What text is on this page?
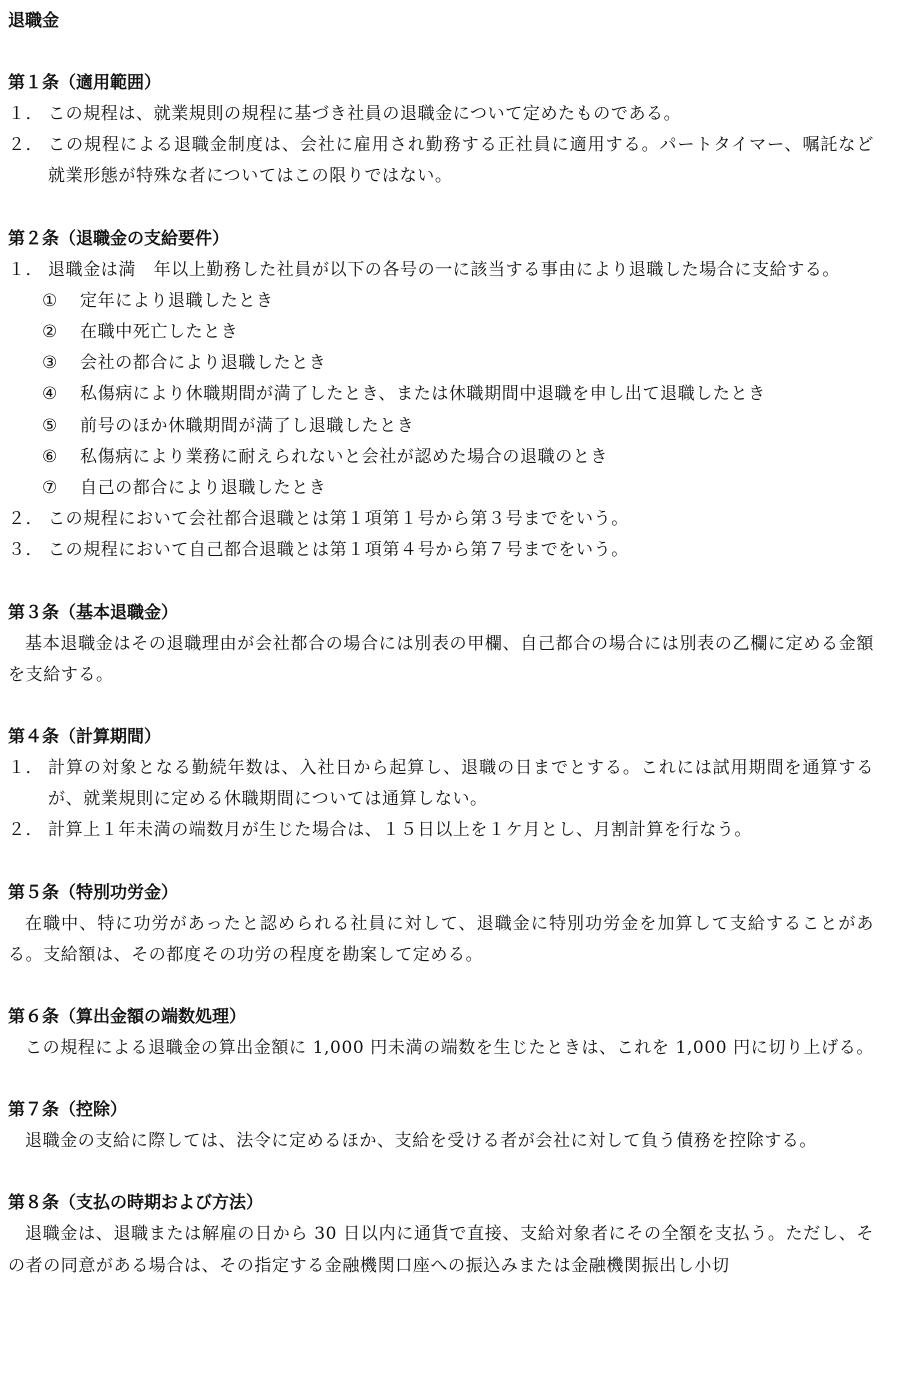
退職金
第１条（適用範囲）
１． この規程は、就業規則の規程に基づき社員の退職金について定めたものである。
２． この規程による退職金制度は、会社に雇用され勤務する正社員に適用する。パートタイマー、嘱託など就業形態が特殊な者についてはこの限りではない。
第２条（退職金の支給要件）
１． 退職金は満　年以上勤務した社員が以下の各号の一に該当する事由により退職した場合に支給する。
①	定年により退職したとき
②	在職中死亡したとき
③	会社の都合により退職したとき
④	私傷病により休職期間が満了したとき、または休職期間中退職を申し出て退職したとき
⑤	前号のほか休職期間が満了し退職したとき
⑥	私傷病により業務に耐えられないと会社が認めた場合の退職のとき
⑦	自己の都合により退職したとき
２． この規程において会社都合退職とは第１項第１号から第３号までをいう。
３． この規程において自己都合退職とは第１項第４号から第７号までをいう。
第３条（基本退職金）

基本退職金はその退職理由が会社都合の場合には別表の甲欄、自己都合の場合には別表の乙欄に定める金額を支給する。

第４条（計算期間）
１． 計算の対象となる勤続年数は、入社日から起算し、退職の日までとする。これには試用期間を通算するが、就業規則に定める休職期間については通算しない。
２． 計算上１年未満の端数月が生じた場合は、１５日以上を１ケ月とし、月割計算を行なう。
第５条（特別功労金）

在職中、特に功労があったと認められる社員に対して、退職金に特別功労金を加算して支給することがある。支給額は、その都度その功労の程度を勘案して定める。

第６条（算出金額の端数処理）

この規程による退職金の算出金額に 1,000 円未満の端数を生じたときは、これを 1,000 円に切り上げる。

第７条（控除）

退職金の支給に際しては、法令に定めるほか、支給を受ける者が会社に対して負う債務を控除する。

第８条（支払の時期および方法）

退職金は、退職または解雇の日から 30 日以内に通貨で直接、支給対象者にその全額を支払う。ただし、その者の同意がある場合は、その指定する金融機関口座への振込みまたは金融機関振出し小切
